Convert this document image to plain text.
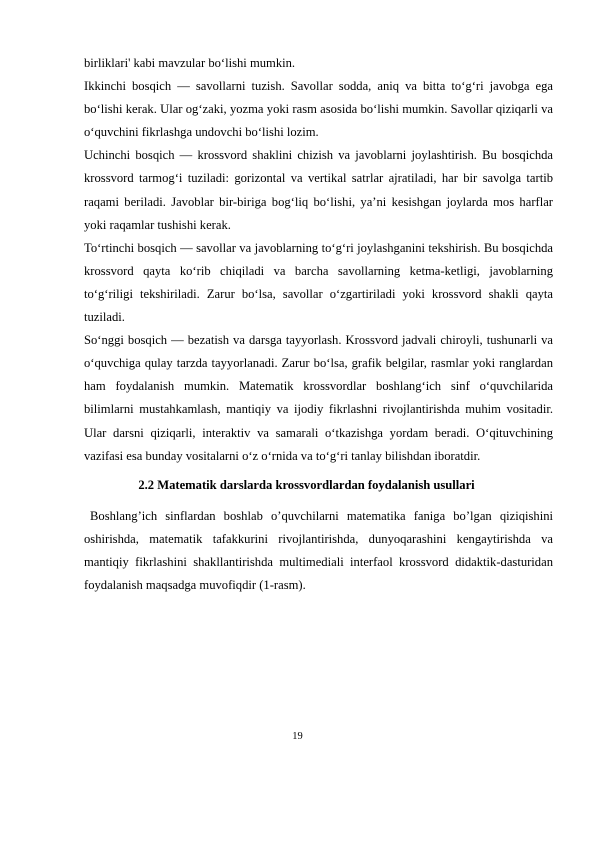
birliklari' kabi mavzular bo‘lishi mumkin.

Ikkinchi bosqich — savollarni tuzish. Savollar sodda, aniq va bitta to‘g‘ri javobga ega bo‘lishi kerak. Ular og‘zaki, yozma yoki rasm asosida bo‘lishi mumkin. Savollar qiziqarli va o‘quvchini fikrlashga undovchi bo‘lishi lozim.

Uchinchi bosqich — krossvord shaklini chizish va javoblarni joylashtirish. Bu bosqichda krossvord tarmog‘i tuziladi: gorizontal va vertikal satrlar ajratiladi, har bir savolga tartib raqami beriladi. Javoblar bir-biriga bog‘liq bo‘lishi, ya’ni kesishgan joylarda mos harflar yoki raqamlar tushishi kerak.

To‘rtinchi bosqich — savollar va javoblarning to‘g‘ri joylashganini tekshirish. Bu bosqichda krossvord qayta ko‘rib chiqiladi va barcha savollarning ketma-ketligi, javoblarning to‘g‘riligi tekshiriladi. Zarur bo‘lsa, savollar o‘zgartiriladi yoki krossvord shakli qayta tuziladi.

So‘nggi bosqich — bezatish va darsga tayyorlash. Krossvord jadvali chiroyli, tushunarli va o‘quvchiga qulay tarzda tayyorlanadi. Zarur bo‘lsa, grafik belgilar, rasmlar yoki ranglardan ham foydalanish mumkin. Matematik krossvordlar boshlang‘ich sinf o‘quvchilarida bilimlarni mustahkamlash, mantiqiy va ijodiy fikrlashni rivojlantirishda muhim vositadir. Ular darsni qiziqarli, interaktiv va samarali o‘tkazishga yordam beradi. O‘qituvchining vazifasi esa bunday vositalarni o‘z o‘rnida va to‘g‘ri tanlay bilishdan iboratdir.

2.2 Matematik darslarda krossvordlardan foydalanish usullari

Boshlang’ich sinflardan boshlab o’quvchilarni matematika faniga bo’lgan qiziqishini oshirishda, matematik tafakkurini rivojlantirishda, dunyoqarashini kengaytirishda va mantiqiy fikrlashini shakllantirishda multimediali interfaol krossvord didaktik-dasturidan foydalanish maqsadga muvofiqdir (1-rasm).

19
